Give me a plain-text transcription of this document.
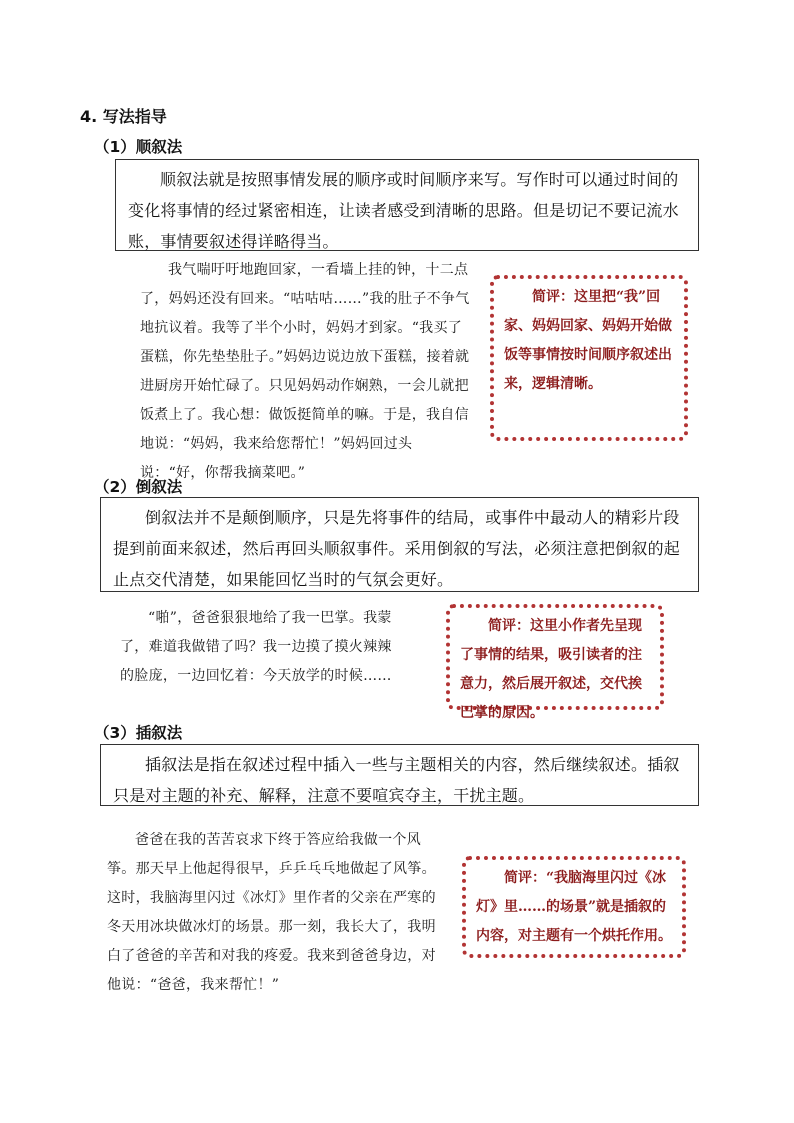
4. 写法指导
（1）顺叙法
顺叙法就是按照事情发展的顺序或时间顺序来写。写作时可以通过时间的变化将事情的经过紧密相连，让读者感受到清晰的思路。但是切记不要记流水账，事情要叙述得详略得当。
我气喘吁吁地跑回家，一看墙上挂的钟，十二点了，妈妈还没有回来。“咕咕咕……”我的肚子不争气地抗议着。我等了半个小时，妈妈才到家。“我买了蛋糕，你先垫垫肚子。”妈妈边说边放下蛋糕，接着就进厨房开始忙碌了。只见妈妈动作娴熟，一会儿就把饭煮上了。我心想：做饭挺简单的嘛。于是，我自信地说：“妈妈，我来给您帮忙！”妈妈回过头说：“好，你帮我摘菜吧。”
简评：这里把“我”回家、妈妈回家、妈妈开始做饭等事情按时间顺序叙述出来，逻辑清晰。
（2）倒叙法
倒叙法并不是颠倒顺序，只是先将事件的结局，或事件中最动人的精彩片段提到前面来叙述，然后再回头顺叙事件。采用倒叙的写法，必须注意把倒叙的起止点交代清楚，如果能回忆当时的气氛会更好。
“啪”，爸爸狠狠地给了我一巴掌。我蒙了，难道我做错了吗？我一边摸了摸火辣辣的脸庞，一边回忆着：今天放学的时候……
简评：这里小作者先呈现了事情的结果，吸引读者的注意力，然后展开叙述，交代挨巴掌的原因。
（3）插叙法
插叙法是指在叙述过程中插入一些与主题相关的内容，然后继续叙述。插叙只是对主题的补充、解释，注意不要喧宾夺主，干扰主题。
爸爸在我的苦苦哀求下终于答应给我做一个风筝。那天早上他起得很早，乒乒乓乓地做起了风筝。这时，我脑海里闪过《冰灯》里作者的父亲在严寒的冬天用冰块做冰灯的场景。那一刻，我长大了，我明白了爸爸的辛苦和对我的疼爱。我来到爸爸身边，对他说：“爸爸，我来帮忙！”
简评：“我脑海里闪过《冰灯》里……的场景”就是插叙的内容，对主题有一个烘托作用。
